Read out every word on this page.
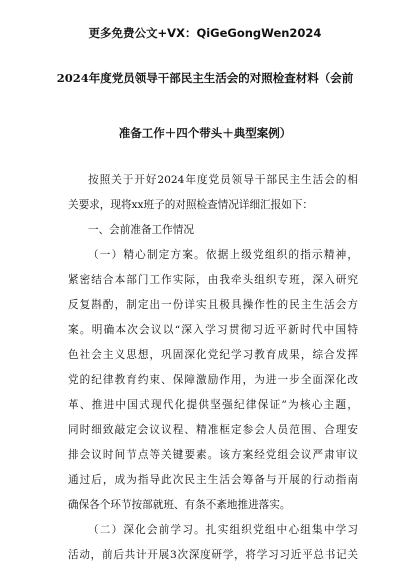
更多免费公文+VX：QiGeGongWen2024
2024年度党员领导干部民主生活会的对照检查材料（会前
准备工作＋四个带头＋典型案例）
按照关于开好2024年度党员领导干部民主生活会的相
关要求，现将xx班子的对照检查情况详细汇报如下：
一、会前准备工作情况
（一）精心制定方案。依据上级党组织的指示精神，
紧密结合本部门工作实际，由我牵头组织专班，深入研究
反复斟酌，制定出一份详实且极具操作性的民主生活会方
案。明确本次会议以“深入学习贯彻习近平新时代中国特
色社会主义思想，巩固深化党纪学习教育成果，综合发挥
党的纪律教育约束、保障激励作用，为进一步全面深化改
革、推进中国式现代化提供坚强纪律保证”为核心主题，
同时细致敲定会议议程、精准框定参会人员范围、合理安
排会议时间节点等关键要素。该方案经党组会议严肃审议
通过后，成为指导此次民主生活会筹备与开展的行动指南
确保各个环节按部就班、有条不紊地推进落实。
（二）深化会前学习。扎实组织党组中心组集中学习
活动，前后共计开展3次深度研学，将学习习近平总书记关
